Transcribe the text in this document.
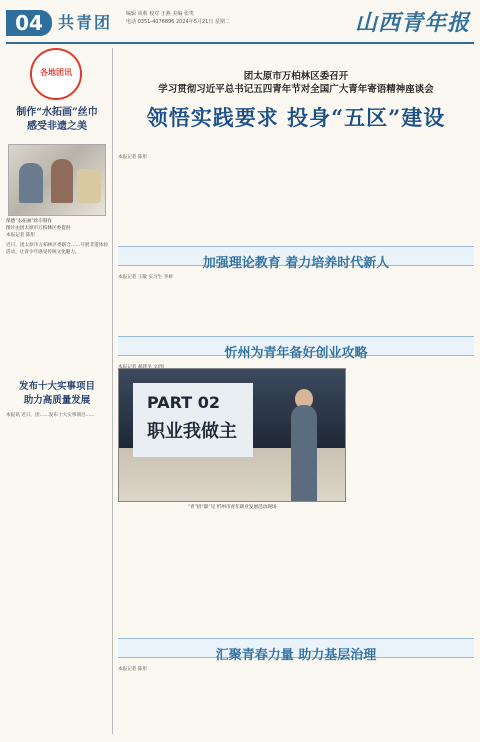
04 共青团	编辑 项莉 校对 王燕 美编 张笑
电话 0351-4076896 2024年5月21日 星期二	山西青年报
各地团讯
制作“水拓画”丝巾
感受非遗之美
保德“水拓画”丝巾制作
图片由团太原市万柏林区委提供
本报记者 陈彤
近日，团太原市万柏林区委联合……开展非遗体验活动，让青少年感受传统文化魅力。
发布十大实事项目
助力高质量发展
本报讯 近日，团……发布十大实事项目……
团太原市万柏林区委召开
学习贯彻习近平总书记五四青年节对全国广大青年寄语精神座谈会
领悟实践要求 投身“五区”建设
本报记者 陈彤
加强理论教育 着力培养时代新人
本报记者 王敏 实习生 李妍
忻州为青年备好创业攻略
汇聚青春力量 助力基层治理
本报记者 陈彤
PART 02
职业我做主
“青”招“职”见 忻州市青年职业发展活动现场
